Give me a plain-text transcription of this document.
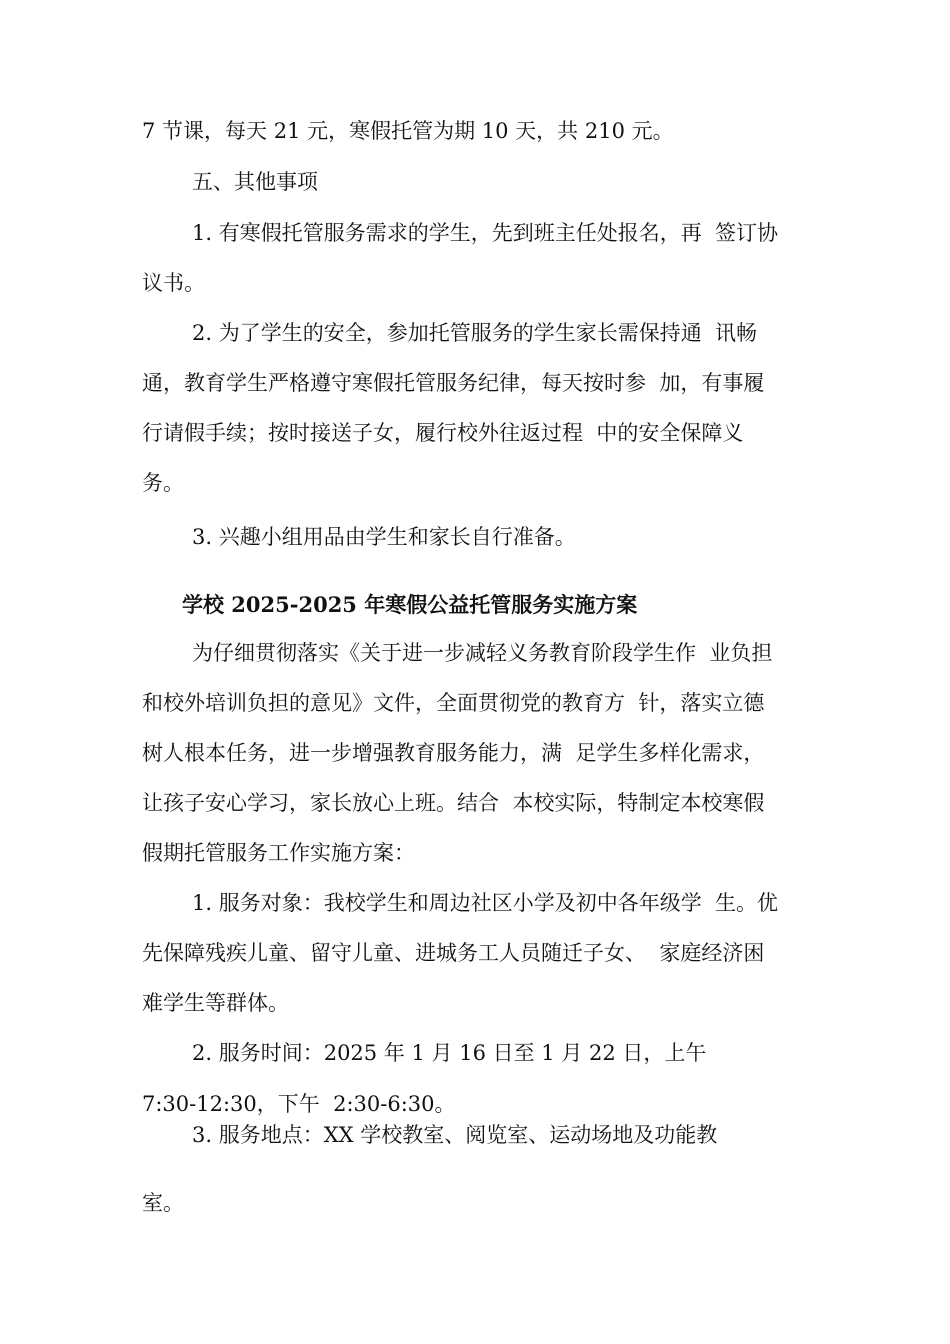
7 节课，每天 21 元，寒假托管为期 10 天，共 210 元。
五、其他事项
1. 有寒假托管服务需求的学生，先到班主任处报名，再  签订协
议书。
2. 为了学生的安全，参加托管服务的学生家长需保持通  讯畅
通，教育学生严格遵守寒假托管服务纪律，每天按时参  加，有事履
行请假手续；按时接送子女，履行校外往返过程  中的安全保障义
务。
3. 兴趣小组用品由学生和家长自行准备。
学校 2025-2025 年寒假公益托管服务实施方案
为仔细贯彻落实《关于进一步减轻义务教育阶段学生作  业负担
和校外培训负担的意见》文件，全面贯彻党的教育方  针，落实立德
树人根本任务，进一步增强教育服务能力，满  足学生多样化需求，
让孩子安心学习，家长放心上班。结合  本校实际，特制定本校寒假
假期托管服务工作实施方案：
1. 服务对象：我校学生和周边社区小学及初中各年级学  生。优
先保障残疾儿童、留守儿童、进城务工人员随迁子女、  家庭经济困
难学生等群体。
2. 服务时间：2025 年 1 月 16 日至 1 月 22 日，上午
7:30-12:30，下午  2:30-6:30。
3. 服务地点：XX 学校教室、阅览室、运动场地及功能教
室。
